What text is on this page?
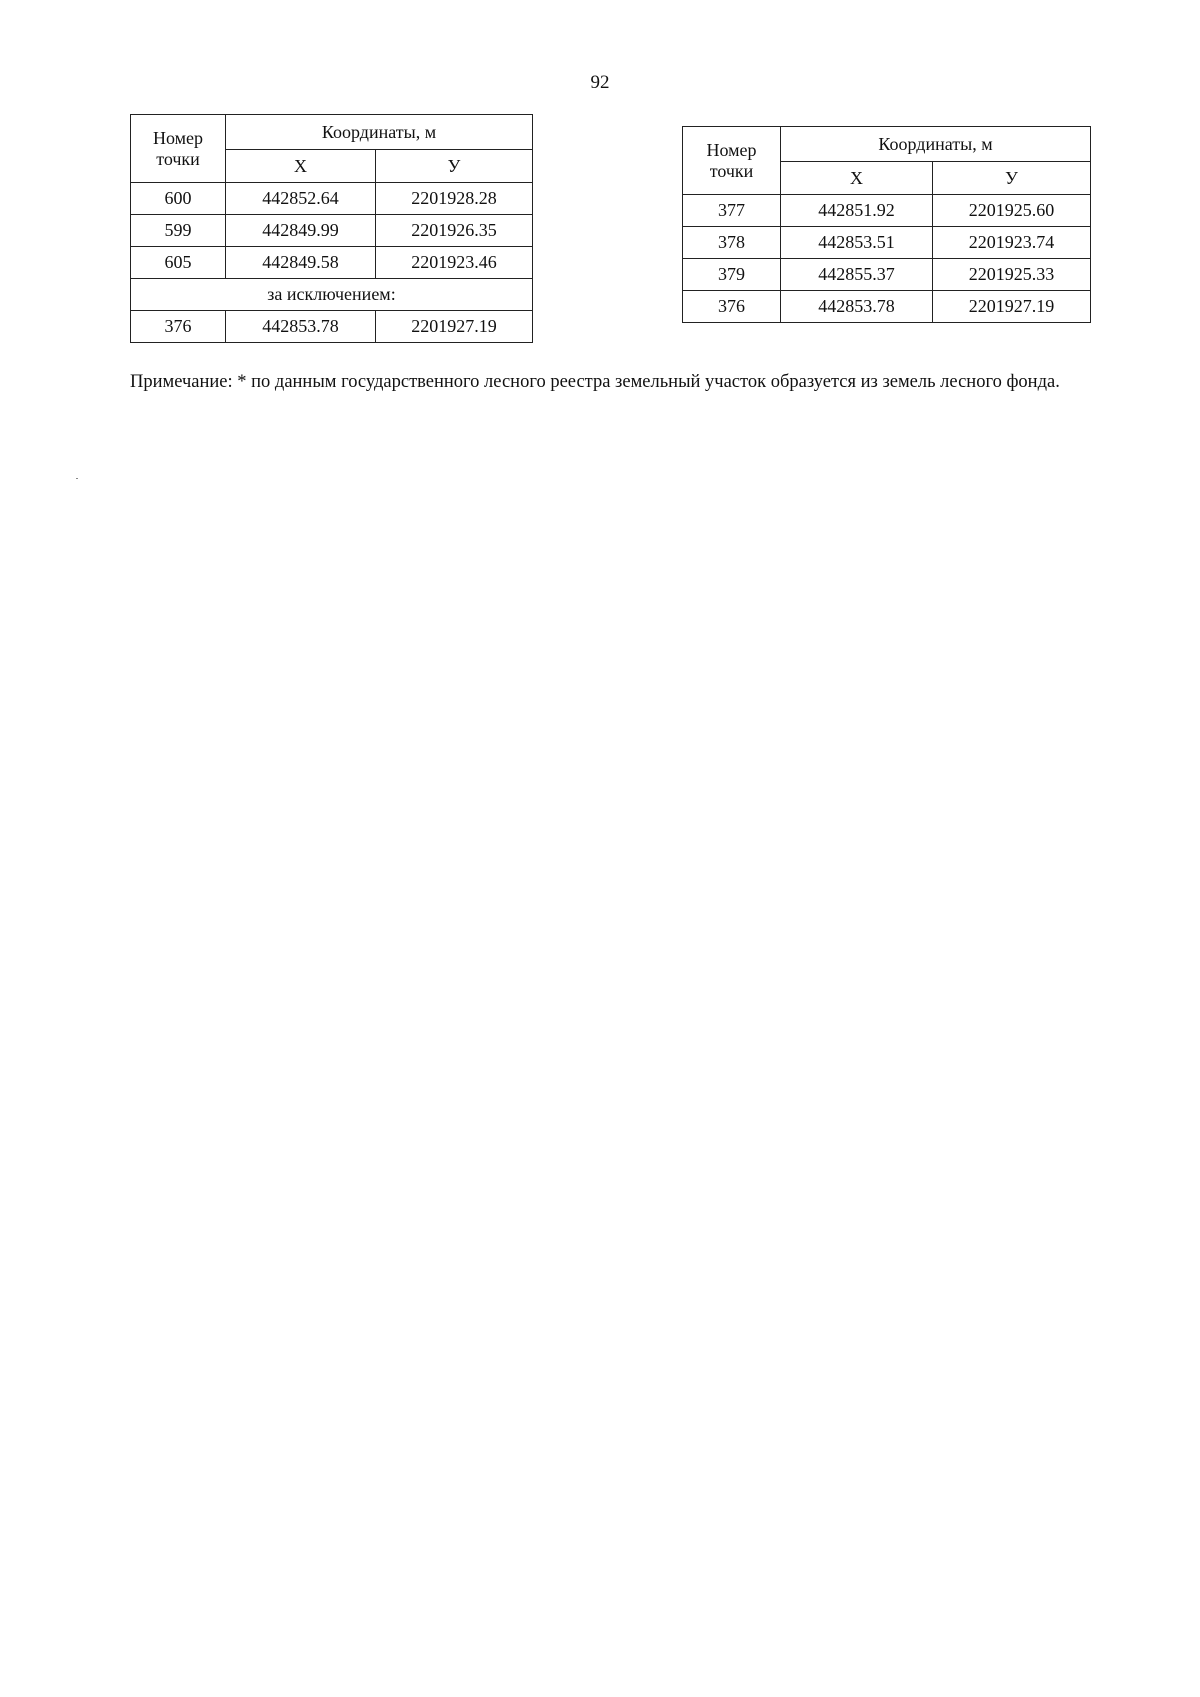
92
Номер точки	Координаты, м	
	X	У
600	442852.64	2201928.28
599	442849.99	2201926.35
605	442849.58	2201923.46
за исключением:		
376	442853.78	2201927.19
Номер точки	Координаты, м	
	X	У
377	442851.92	2201925.60
378	442853.51	2201923.74
379	442855.37	2201925.33
376	442853.78	2201927.19
Примечание: * по данным государственного лесного реестра земельный участок образуется из земель лесного фонда.
